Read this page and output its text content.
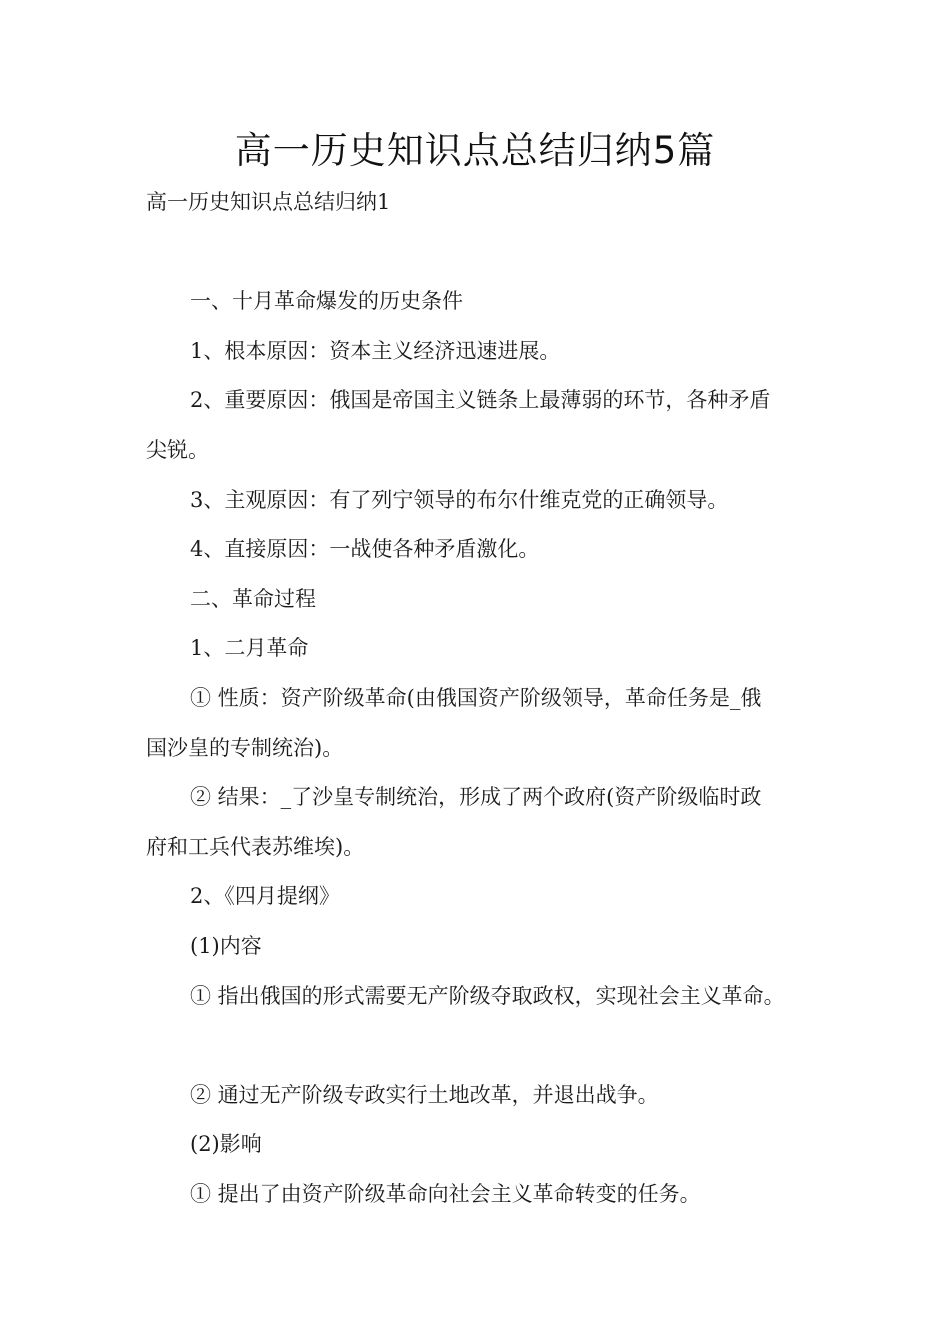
高一历史知识点总结归纳5篇

高一历史知识点总结归纳1

一、十月革命爆发的历史条件

1、根本原因：资本主义经济迅速进展。

2、重要原因：俄国是帝国主义链条上最薄弱的环节，各种矛盾

尖锐。

3、主观原因：有了列宁领导的布尔什维克党的正确领导。

4、直接原因：一战使各种矛盾激化。

二、革命过程

1、二月革命

① 性质：资产阶级革命(由俄国资产阶级领导，革命任务是_俄

国沙皇的专制统治)。

② 结果：_了沙皇专制统治，形成了两个政府(资产阶级临时政

府和工兵代表苏维埃)。

2、《四月提纲》

(1)内容

① 指出俄国的形式需要无产阶级夺取政权，实现社会主义革命。

② 通过无产阶级专政实行土地改革，并退出战争。

(2)影响

① 提出了由资产阶级革命向社会主义革命转变的任务。
